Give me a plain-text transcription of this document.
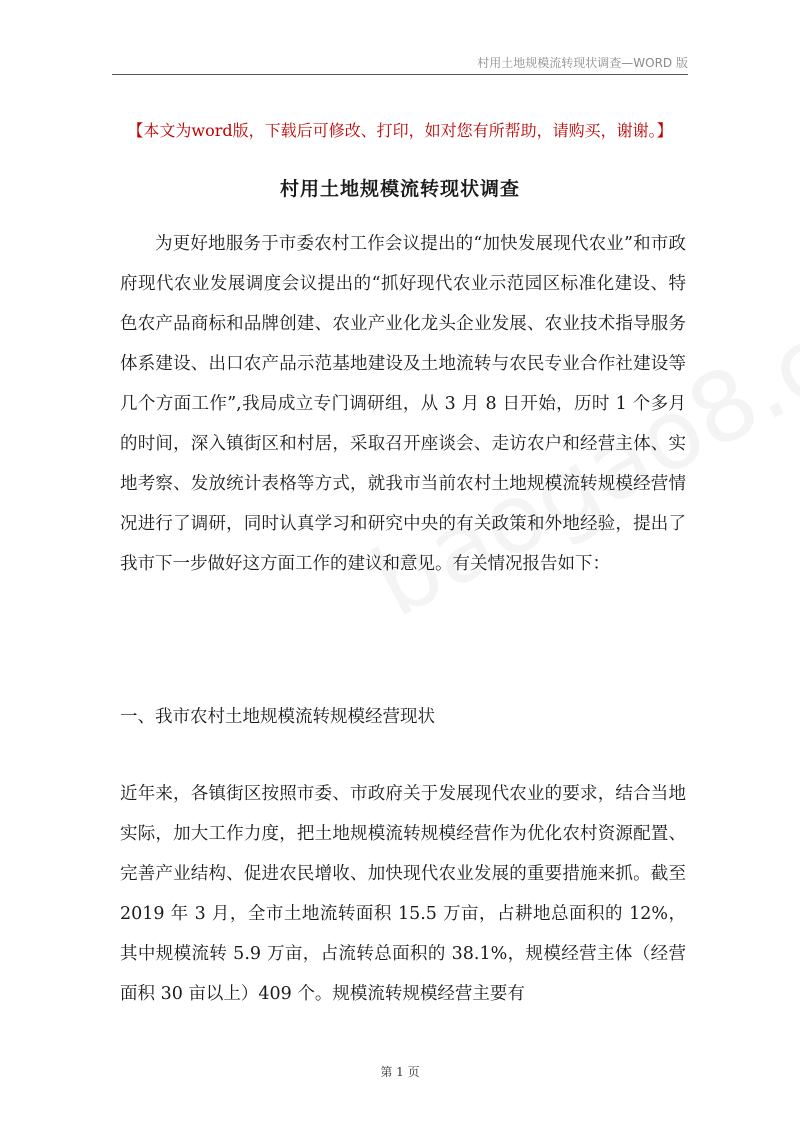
村用土地规模流转现状调查—WORD 版
【本文为word版，下载后可修改、打印，如对您有所帮助，请购买，谢谢。】
村用土地规模流转现状调查

为更好地服务于市委农村工作会议提出的“加快发展现代农业”和市政府现代农业发展调度会议提出的“抓好现代农业示范园区标准化建设、特色农产品商标和品牌创建、农业产业化龙头企业发展、农业技术指导服务体系建设、出口农产品示范基地建设及土地流转与农民专业合作社建设等几个方面工作”,我局成立专门调研组，从 3 月 8 日开始，历时 1 个多月的时间，深入镇街区和村居，采取召开座谈会、走访农户和经营主体、实地考察、发放统计表格等方式，就我市当前农村土地规模流转规模经营情况进行了调研，同时认真学习和研究中央的有关政策和外地经验，提出了我市下一步做好这方面工作的建议和意见。有关情况报告如下：

一、我市农村土地规模流转规模经营现状

近年来，各镇街区按照市委、市政府关于发展现代农业的要求，结合当地实际，加大工作力度，把土地规模流转规模经营作为优化农村资源配置、完善产业结构、促进农民增收、加快现代农业发展的重要措施来抓。截至 2019 年 3 月，全市土地流转面积 15.5 万亩，占耕地总面积的 12%，其中规模流转 5.9 万亩，占流转总面积的 38.1%，规模经营主体（经营面积 30 亩以上）409 个。规模流转规模经营主要有

第 1 页
